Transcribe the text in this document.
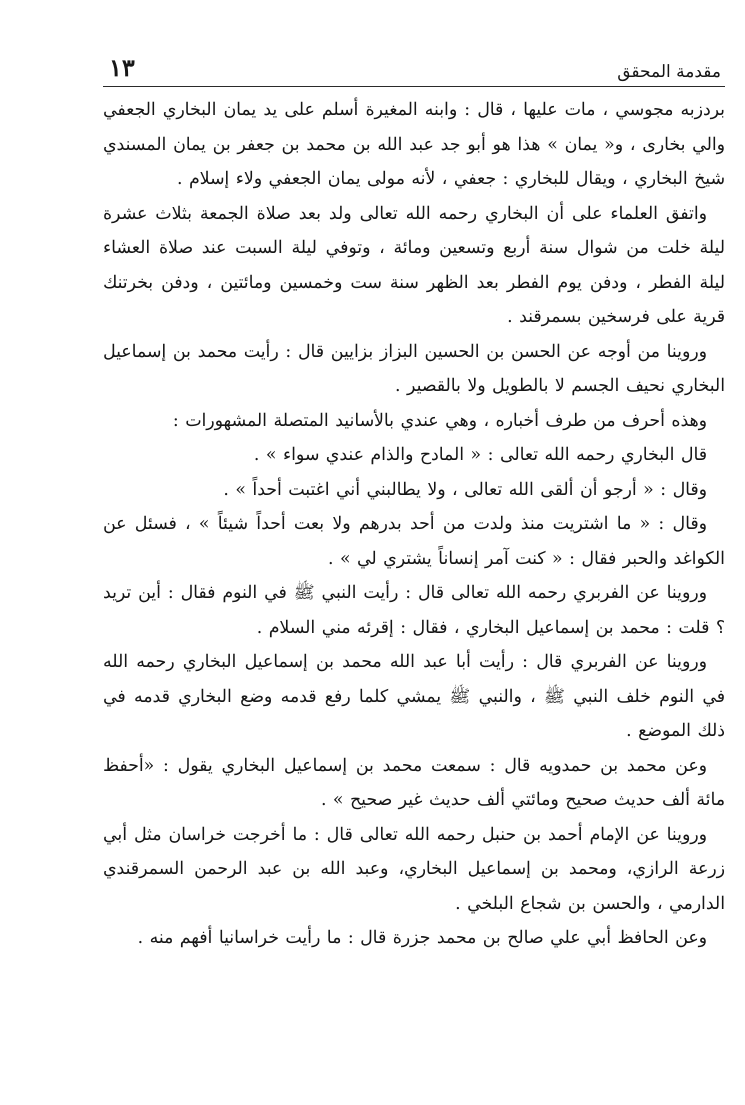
مقدمة المحقق
١٣

بردزبه مجوسي ، مات عليها ، قال : وابنه المغيرة أسلم على يد يمان البخاري الجعفي والي بخارى ، و« يمان » هذا هو أبو جد عبد الله بن محمد بن جعفر بن يمان المسندي شيخ البخاري ، ويقال للبخاري : جعفي ، لأنه مولى يمان الجعفي ولاء إسلام .

واتفق العلماء على أن البخاري رحمه الله تعالى ولد بعد صلاة الجمعة بثلاث عشرة ليلة خلت من شوال سنة أربع وتسعين ومائة ، وتوفي ليلة السبت عند صلاة العشاء ليلة الفطر ، ودفن يوم الفطر بعد الظهر سنة ست وخمسين ومائتين ، ودفن بخرتنك قرية على فرسخين بسمرقند .

وروينا من أوجه عن الحسن بن الحسين البزاز بزايين قال : رأيت محمد بن إسماعيل البخاري نحيف الجسم لا بالطويل ولا بالقصير .

وهذه أحرف من طرف أخباره ، وهي عندي بالأسانيد المتصلة المشهورات :

قال البخاري رحمه الله تعالى : « المادح والذام عندي سواء » .

وقال : « أرجو أن ألقى الله تعالى ، ولا يطالبني أني اغتبت أحداً » .

وقال : « ما اشتريت منذ ولدت من أحد بدرهم ولا بعت أحداً شيئاً » ، فسئل عن الكواغد والحبر فقال : « كنت آمر إنساناً يشتري لي » .

وروينا عن الفربري رحمه الله تعالى قال : رأيت النبي ﷺ في النوم فقال : أين تريد ؟ قلت : محمد بن إسماعيل البخاري ، فقال : إقرئه مني السلام .

وروينا عن الفربري قال : رأيت أبا عبد الله محمد بن إسماعيل البخاري رحمه الله في النوم خلف النبي ﷺ ، والنبي ﷺ يمشي كلما رفع قدمه وضع البخاري قدمه في ذلك الموضع .

وعن محمد بن حمدويه قال : سمعت محمد بن إسماعيل البخاري يقول : «أحفظ مائة ألف حديث صحيح ومائتي ألف حديث غير صحيح » .

وروينا عن الإمام أحمد بن حنبل رحمه الله تعالى قال : ما أخرجت خراسان مثل أبي زرعة الرازي، ومحمد بن إسماعيل البخاري، وعبد الله بن عبد الرحمن السمرقندي الدارمي ، والحسن بن شجاع البلخي .

وعن الحافظ أبي علي صالح بن محمد جزرة قال : ما رأيت خراسانيا أفهم منه .
